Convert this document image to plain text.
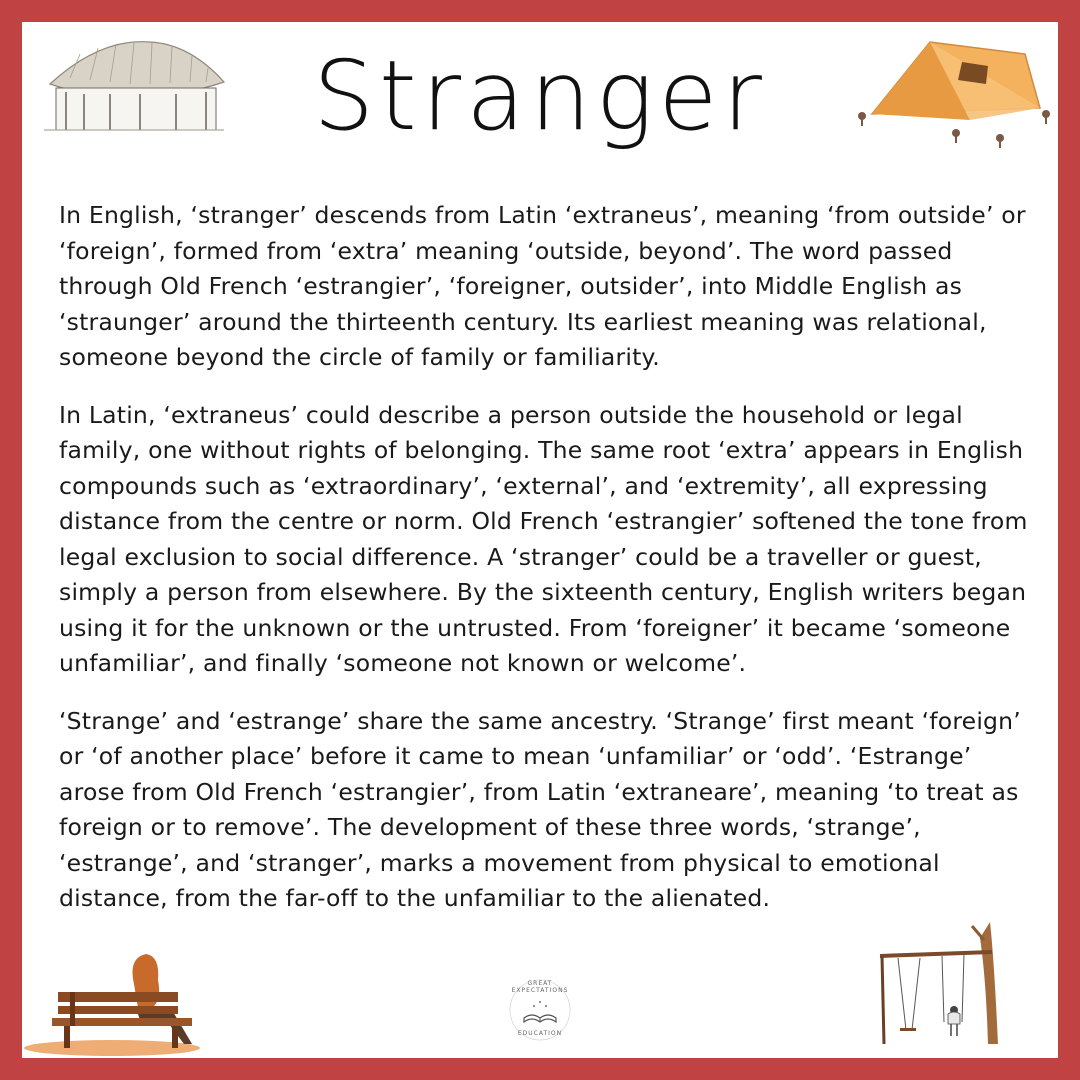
Stranger

In English, ‘stranger’ descends from Latin ‘extraneus’, meaning ‘from outside’ or ‘foreign’, formed from ‘extra’ meaning ‘outside, beyond’. The word passed through Old French ‘estrangier’, ‘foreigner, outsider’, into Middle English as ‘straunger’ around the thirteenth century. Its earliest meaning was relational, someone beyond the circle of family or familiarity.

In Latin, ‘extraneus’ could describe a person outside the household or legal family, one without rights of belonging. The same root ‘extra’ appears in English compounds such as ‘extraordinary’, ‘external’, and ‘extremity’, all expressing distance from the centre or norm. Old French ‘estrangier’ softened the tone from legal exclusion to social difference. A ‘stranger’ could be a traveller or guest, simply a person from elsewhere. By the sixteenth century, English writers began using it for the unknown or the untrusted. From ‘foreigner’ it became ‘someone unfamiliar’, and finally ‘someone not known or welcome’.

‘Strange’ and ‘estrange’ share the same ancestry. ‘Strange’ first meant ‘foreign’ or ‘of another place’ before it came to mean ‘unfamiliar’ or ‘odd’. ‘Estrange’ arose from Old French ‘estrangier’, from Latin ‘extraneare’, meaning ‘to treat as foreign or to remove’. The development of these three words, ‘strange’, ‘estrange’, and ‘stranger’, marks a movement from physical to emotional distance, from the far-off to the unfamiliar to the alienated.

GREAT EXPECTATIONS
EDUCATION
